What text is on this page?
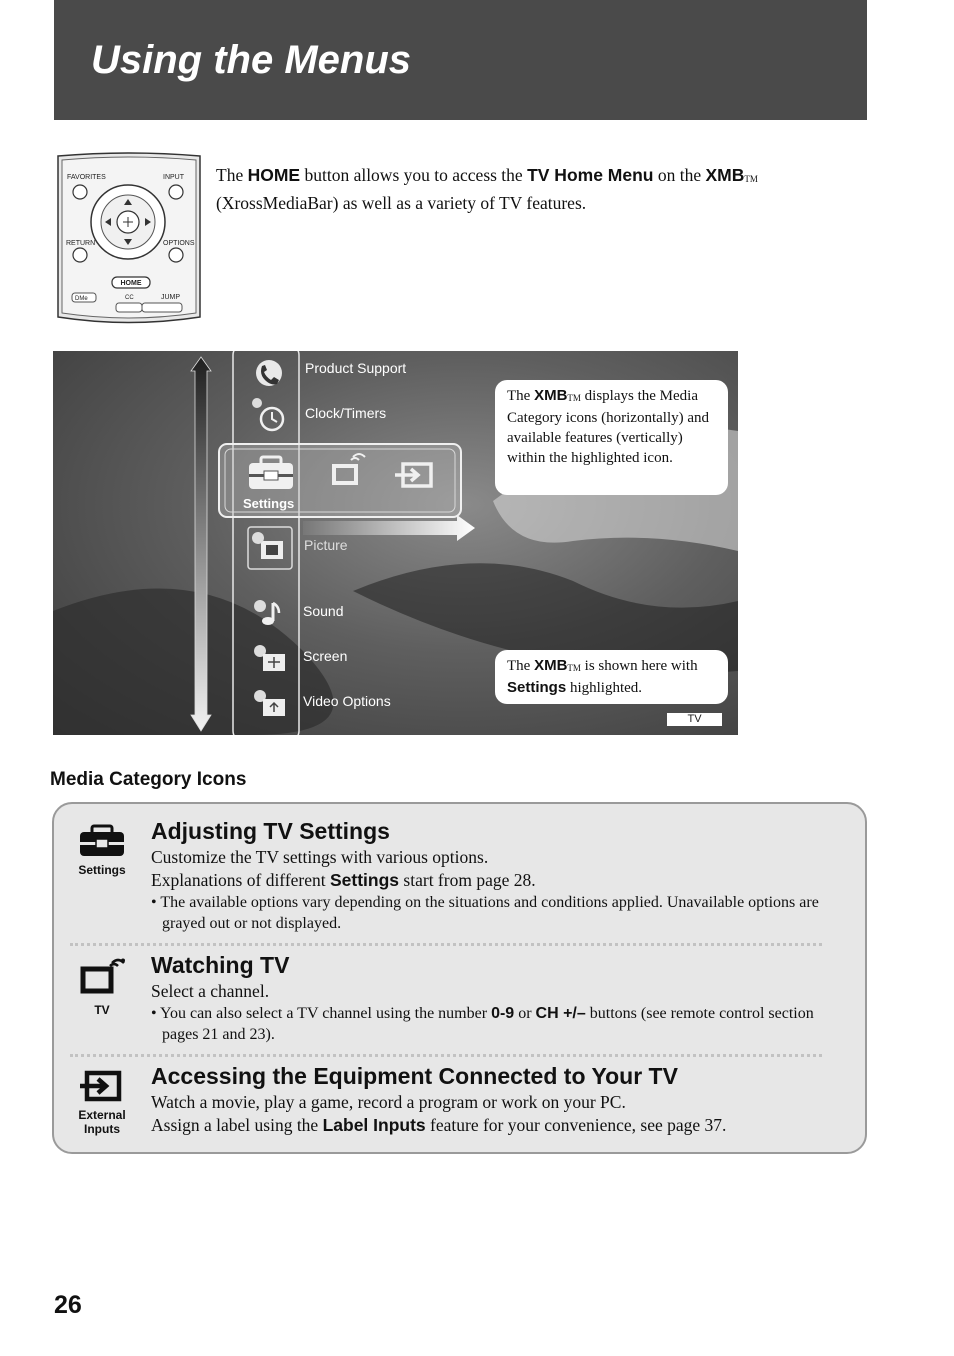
Using the Menus
FAVORITES	INPUT
RETURN	OPTIONS
HOME
DMe	CC	JUMP
The HOME button allows you to access the TV Home Menu on the $XMB_{TM}$ (XrossMediaBar) as well as a variety of TV features.
Product Support
Clock/Timers
Settings
Picture
Sound
Screen
Video Options
The $XMB_{TM}$ displays the Media Category icons (horizontally) and available features (vertically) within the highlighted icon.
The $XMB_{TM}$ is shown here with Settings highlighted.
TV
Media Category Icons
Settings
Adjusting TV Settings

Customize the TV settings with various options.

Explanations of different Settings start from page 28.

• The available options vary depending on the situations and conditions applied. Unavailable options are grayed out or not displayed.

TV
Watching TV

Select a channel.

• You can also select a TV channel using the number 0-9 or CH +/– buttons (see remote control section pages 21 and 23).

External
Inputs
Accessing the Equipment Connected to Your TV

Watch a movie, play a game, record a program or work on your PC.

Assign a label using the Label Inputs feature for your convenience, see page 37.

26
